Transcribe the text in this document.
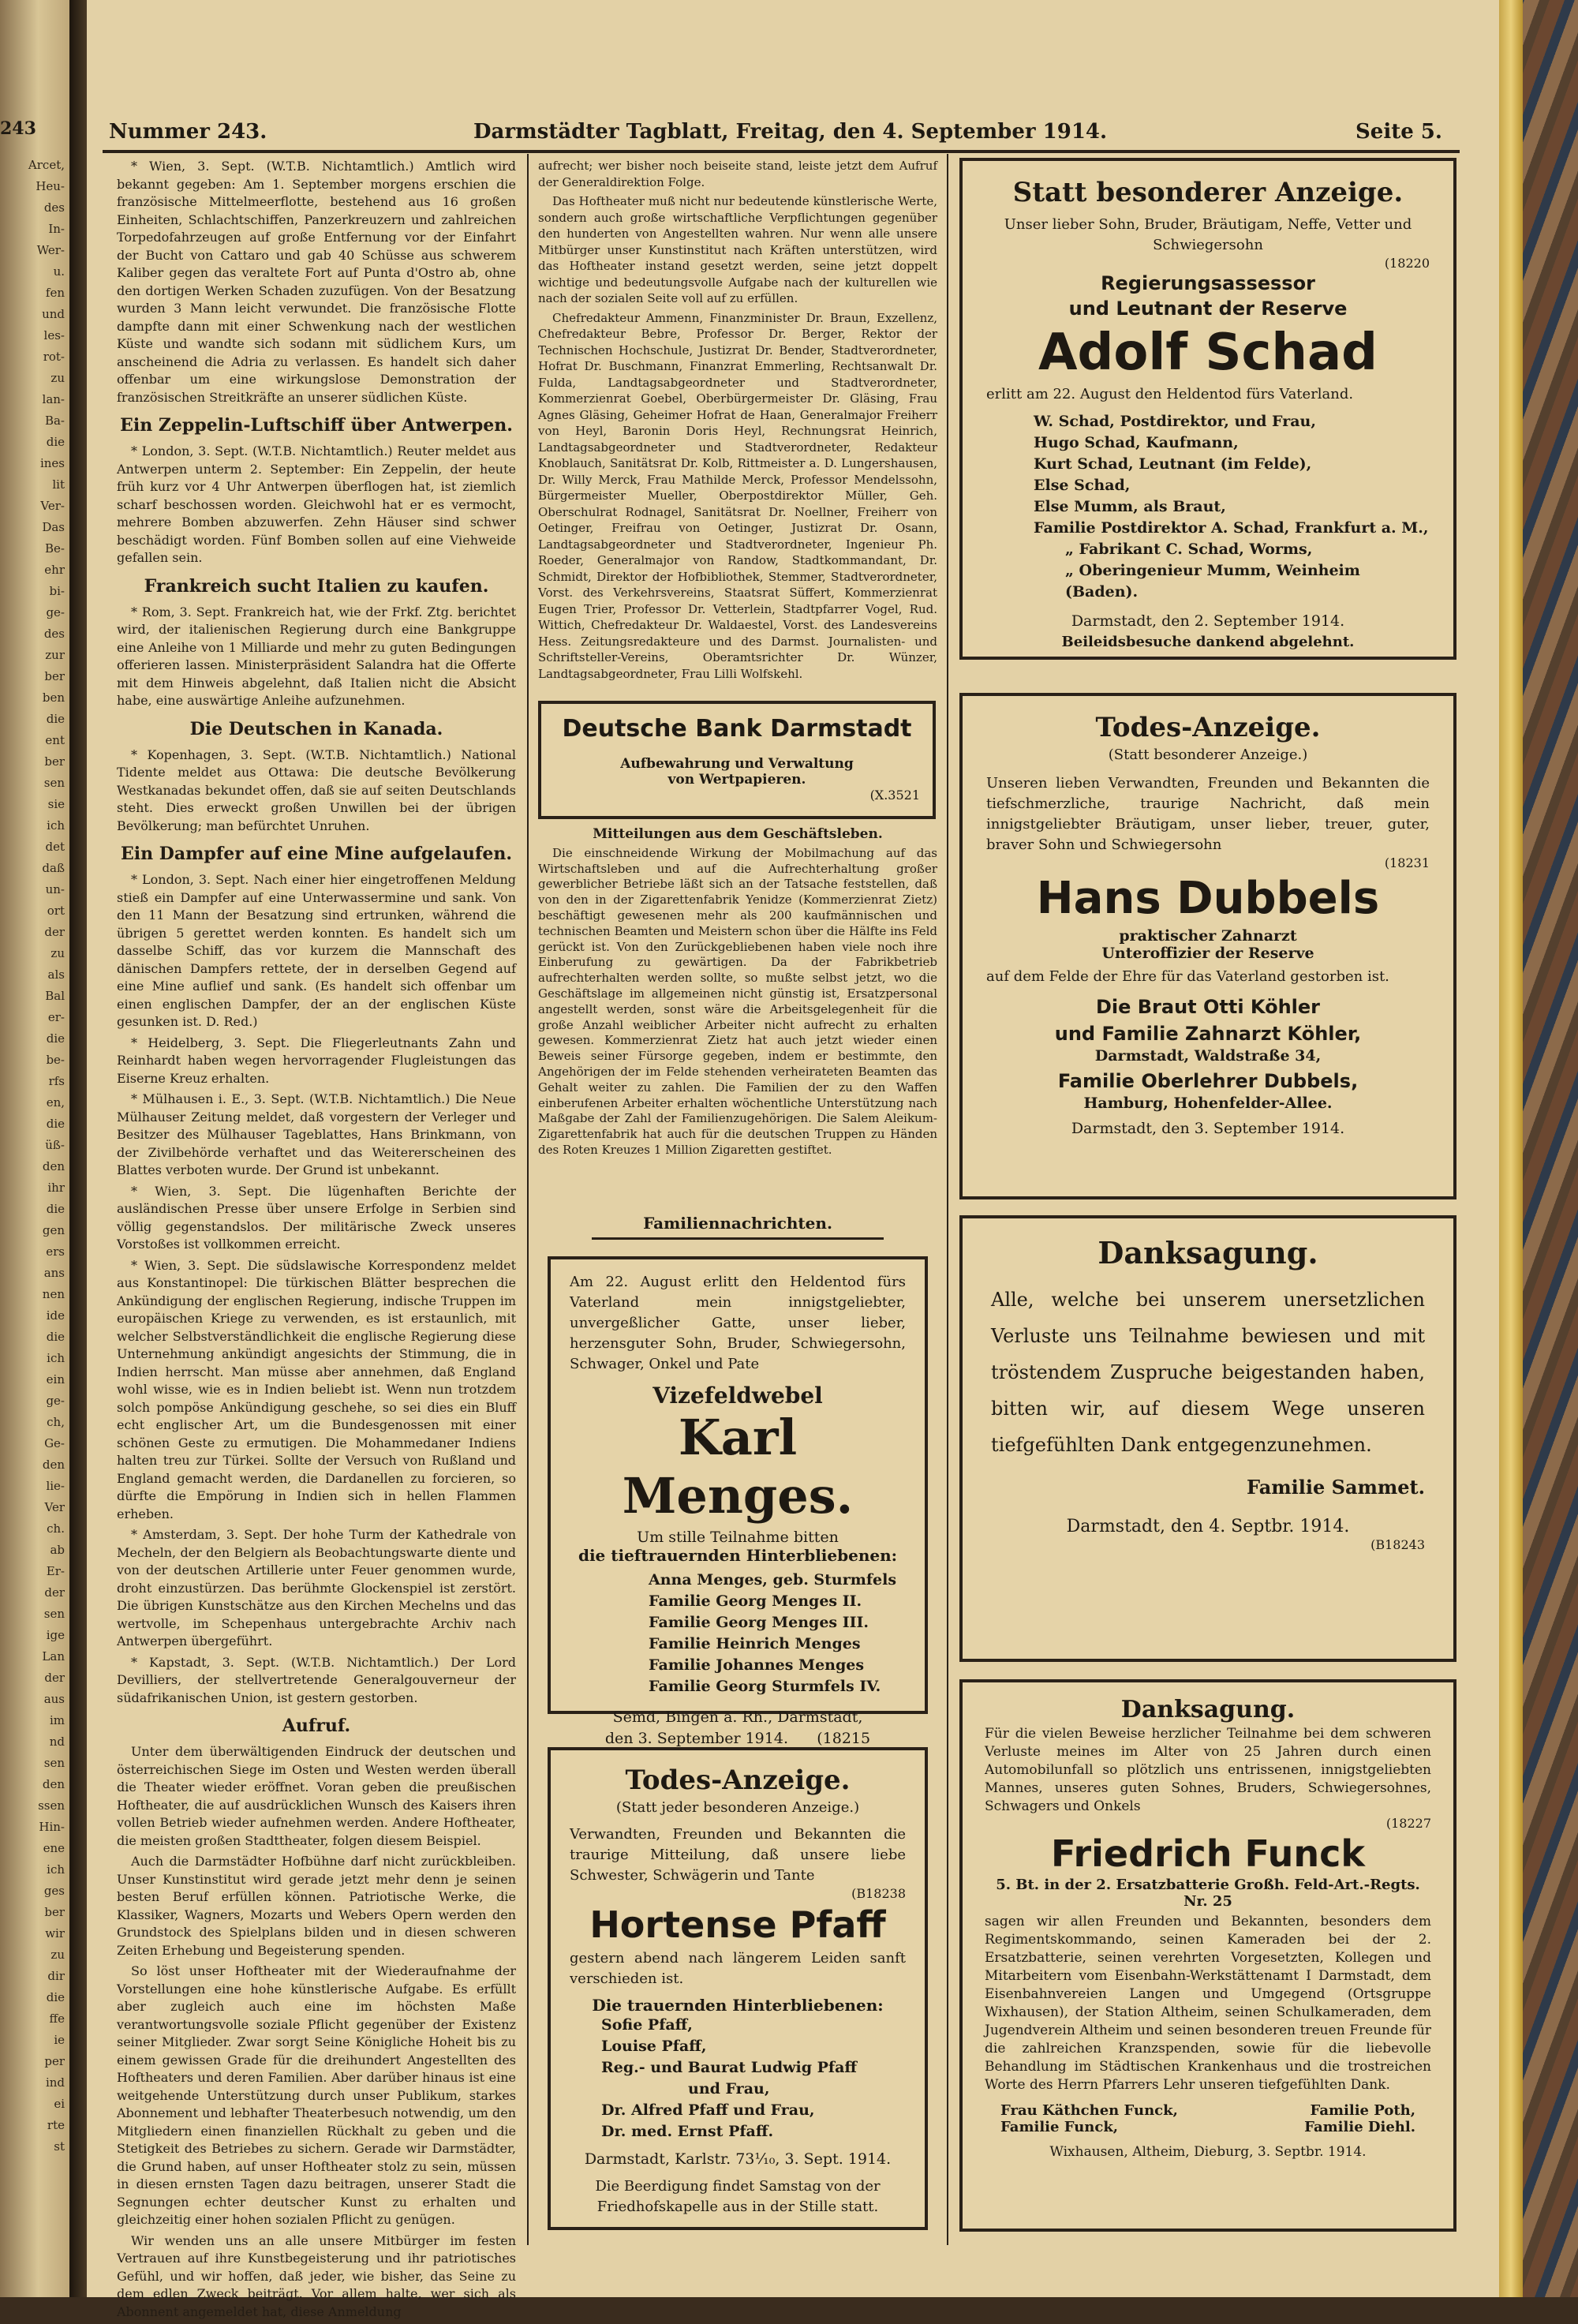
243
Arcet,
Heu-
des
In-
Wer-
u.
fen
und
les-
rot-
zu
lan-
Ba-
die
ines
lit
Ver-
Das
Be-
ehr
bi-
ge-
des
zur
ber
ben
die
ent
ber
sen
sie
ich
det
daß
un-
ort
der
zu
als
Bal
er-
die
be-
rfs
en,
die
üß-
den
ihr
die
gen
ers
ans
nen
ide
die
ich
ein
ge-
ch,
Ge-
den
lie-
Ver
ch.
ab
Er-
der
sen
ige
Lan
der
aus
im
nd
sen
den
ssen
Hin-
ene
ich
ges
ber
wir
zu
dir
die
ffe
ie
per
ind
ei
rte
st
Nummer 243.	Darmstädter Tagblatt, Freitag, den 4. September 1914.	Seite 5.

* Wien, 3. Sept. (W.T.B. Nichtamtlich.) Amtlich wird bekannt gegeben: Am 1. September morgens erschien die französische Mittelmeerflotte, bestehend aus 16 großen Einheiten, Schlachtschiffen, Panzerkreuzern und zahlreichen Torpedofahrzeugen auf große Entfernung vor der Einfahrt der Bucht von Cattaro und gab 40 Schüsse aus schwerem Kaliber gegen das veraltete Fort auf Punta d'Ostro ab, ohne den dortigen Werken Schaden zuzufügen. Von der Besatzung wurden 3 Mann leicht verwundet. Die französische Flotte dampfte dann mit einer Schwenkung nach der westlichen Küste und wandte sich sodann mit südlichem Kurs, um anscheinend die Adria zu verlassen. Es handelt sich daher offenbar um eine wirkungslose Demonstration der französischen Streitkräfte an unserer südlichen Küste.

Ein Zeppelin-Luftschiff über Antwerpen.

* London, 3. Sept. (W.T.B. Nichtamtlich.) Reuter meldet aus Antwerpen unterm 2. September: Ein Zeppelin, der heute früh kurz vor 4 Uhr Antwerpen überflogen hat, ist ziemlich scharf beschossen worden. Gleichwohl hat er es vermocht, mehrere Bomben abzuwerfen. Zehn Häuser sind schwer beschädigt worden. Fünf Bomben sollen auf eine Viehweide gefallen sein.

Frankreich sucht Italien zu kaufen.

* Rom, 3. Sept. Frankreich hat, wie der Frkf. Ztg. berichtet wird, der italienischen Regierung durch eine Bankgruppe eine Anleihe von 1 Milliarde und mehr zu guten Bedingungen offerieren lassen. Ministerpräsident Salandra hat die Offerte mit dem Hinweis abgelehnt, daß Italien nicht die Absicht habe, eine auswärtige Anleihe aufzunehmen.

Die Deutschen in Kanada.

* Kopenhagen, 3. Sept. (W.T.B. Nichtamtlich.) National Tidente meldet aus Ottawa: Die deutsche Bevölkerung Westkanadas bekundet offen, daß sie auf seiten Deutschlands steht. Dies erweckt großen Unwillen bei der übrigen Bevölkerung; man befürchtet Unruhen.

Ein Dampfer auf eine Mine aufgelaufen.

* London, 3. Sept. Nach einer hier eingetroffenen Meldung stieß ein Dampfer auf eine Unterwassermine und sank. Von den 11 Mann der Besatzung sind ertrunken, während die übrigen 5 gerettet werden konnten. Es handelt sich um dasselbe Schiff, das vor kurzem die Mannschaft des dänischen Dampfers rettete, der in derselben Gegend auf eine Mine auflief und sank. (Es handelt sich offenbar um einen englischen Dampfer, der an der englischen Küste gesunken ist. D. Red.)

* Heidelberg, 3. Sept. Die Fliegerleutnants Zahn und Reinhardt haben wegen hervorragender Flugleistungen das Eiserne Kreuz erhalten.

* Mülhausen i. E., 3. Sept. (W.T.B. Nichtamtlich.) Die Neue Mülhauser Zeitung meldet, daß vorgestern der Verleger und Besitzer des Mülhauser Tageblattes, Hans Brinkmann, von der Zivilbehörde verhaftet und das Weitererscheinen des Blattes verboten wurde. Der Grund ist unbekannt.

* Wien, 3. Sept. Die lügenhaften Berichte der ausländischen Presse über unsere Erfolge in Serbien sind völlig gegenstandslos. Der militärische Zweck unseres Vorstoßes ist vollkommen erreicht.

* Wien, 3. Sept. Die südslawische Korrespondenz meldet aus Konstantinopel: Die türkischen Blätter besprechen die Ankündigung der englischen Regierung, indische Truppen im europäischen Kriege zu verwenden, es ist erstaunlich, mit welcher Selbstverständlichkeit die englische Regierung diese Unternehmung ankündigt angesichts der Stimmung, die in Indien herrscht. Man müsse aber annehmen, daß England wohl wisse, wie es in Indien beliebt ist. Wenn nun trotzdem solch pompöse Ankündigung geschehe, so sei dies ein Bluff echt englischer Art, um die Bundesgenossen mit einer schönen Geste zu ermutigen. Die Mohammedaner Indiens halten treu zur Türkei. Sollte der Versuch von Rußland und England gemacht werden, die Dardanellen zu forcieren, so dürfte die Empörung in Indien sich in hellen Flammen erheben.

* Amsterdam, 3. Sept. Der hohe Turm der Kathedrale von Mecheln, der den Belgiern als Beobachtungswarte diente und von der deutschen Artillerie unter Feuer genommen wurde, droht einzustürzen. Das berühmte Glockenspiel ist zerstört. Die übrigen Kunstschätze aus den Kirchen Mechelns und das wertvolle, im Schepenhaus untergebrachte Archiv nach Antwerpen übergeführt.

* Kapstadt, 3. Sept. (W.T.B. Nichtamtlich.) Der Lord Devilliers, der stellvertretende Generalgouverneur der südafrikanischen Union, ist gestern gestorben.

Aufruf.

Unter dem überwältigenden Eindruck der deutschen und österreichischen Siege im Osten und Westen werden überall die Theater wieder eröffnet. Voran geben die preußischen Hoftheater, die auf ausdrücklichen Wunsch des Kaisers ihren vollen Betrieb wieder aufnehmen werden. Andere Hoftheater, die meisten großen Stadttheater, folgen diesem Beispiel.

Auch die Darmstädter Hofbühne darf nicht zurückbleiben. Unser Kunstinstitut wird gerade jetzt mehr denn je seinen besten Beruf erfüllen können. Patriotische Werke, die Klassiker, Wagners, Mozarts und Webers Opern werden den Grundstock des Spielplans bilden und in diesen schweren Zeiten Erhebung und Begeisterung spenden.

So löst unser Hoftheater mit der Wiederaufnahme der Vorstellungen eine hohe künstlerische Aufgabe. Es erfüllt aber zugleich auch eine im höchsten Maße verantwortungsvolle soziale Pflicht gegenüber der Existenz seiner Mitglieder. Zwar sorgt Seine Königliche Hoheit bis zu einem gewissen Grade für die dreihundert Angestellten des Hoftheaters und deren Familien. Aber darüber hinaus ist eine weitgehende Unterstützung durch unser Publikum, starkes Abonnement und lebhafter Theaterbesuch notwendig, um den Mitgliedern einen finanziellen Rückhalt zu geben und die Stetigkeit des Betriebes zu sichern. Gerade wir Darmstädter, die Grund haben, auf unser Hoftheater stolz zu sein, müssen in diesen ernsten Tagen dazu beitragen, unserer Stadt die Segnungen echter deutscher Kunst zu erhalten und gleichzeitig einer hohen sozialen Pflicht zu genügen.

Wir wenden uns an alle unsere Mitbürger im festen Vertrauen auf ihre Kunstbegeisterung und ihr patriotisches Gefühl, und wir hoffen, daß jeder, wie bisher, das Seine zu dem edlen Zweck beiträgt. Vor allem halte, wer sich als Abonnent angemeldet hat, diese Anmeldung

aufrecht; wer bisher noch beiseite stand, leiste jetzt dem Aufruf der Generaldirektion Folge.

Das Hoftheater muß nicht nur bedeutende künstlerische Werte, sondern auch große wirtschaftliche Verpflichtungen gegenüber den hunderten von Angestellten wahren. Nur wenn alle unsere Mitbürger unser Kunstinstitut nach Kräften unterstützen, wird das Hoftheater instand gesetzt werden, seine jetzt doppelt wichtige und bedeutungsvolle Aufgabe nach der kulturellen wie nach der sozialen Seite voll auf zu erfüllen.

Chefredakteur Ammenn, Finanzminister Dr. Braun, Exzellenz, Chefredakteur Bebre, Professor Dr. Berger, Rektor der Technischen Hochschule, Justizrat Dr. Bender, Stadtverordneter, Hofrat Dr. Buschmann, Finanzrat Emmerling, Rechtsanwalt Dr. Fulda, Landtagsabgeordneter und Stadtverordneter, Kommerzienrat Goebel, Oberbürgermeister Dr. Gläsing, Frau Agnes Gläsing, Geheimer Hofrat de Haan, Generalmajor Freiherr von Heyl, Baronin Doris Heyl, Rechnungsrat Heinrich, Landtagsabgeordneter und Stadtverordneter, Redakteur Knoblauch, Sanitätsrat Dr. Kolb, Rittmeister a. D. Lungershausen, Dr. Willy Merck, Frau Mathilde Merck, Professor Mendelssohn, Bürgermeister Mueller, Oberpostdirektor Müller, Geh. Oberschulrat Rodnagel, Sanitätsrat Dr. Noellner, Freiherr von Oetinger, Freifrau von Oetinger, Justizrat Dr. Osann, Landtagsabgeordneter und Stadtverordneter, Ingenieur Ph. Roeder, Generalmajor von Randow, Stadtkommandant, Dr. Schmidt, Direktor der Hofbibliothek, Stemmer, Stadtverordneter, Vorst. des Verkehrsvereins, Staatsrat Süffert, Kommerzienrat Eugen Trier, Professor Dr. Vetterlein, Stadtpfarrer Vogel, Rud. Wittich, Chefredakteur Dr. Waldaestel, Vorst. des Landesvereins Hess. Zeitungsredakteure und des Darmst. Journalisten- und Schriftsteller-Vereins, Oberamtsrichter Dr. Wünzer, Landtagsabgeordneter, Frau Lilli Wolfskehl.

Deutsche Bank Darmstadt
Aufbewahrung und Verwaltung
von Wertpapieren.
(X.3521
Mitteilungen aus dem Geschäftsleben.

Die einschneidende Wirkung der Mobilmachung auf das Wirtschaftsleben und auf die Aufrechterhaltung großer gewerblicher Betriebe läßt sich an der Tatsache feststellen, daß von den in der Zigarettenfabrik Yenidze (Kommerzienrat Zietz) beschäftigt gewesenen mehr als 200 kaufmännischen und technischen Beamten und Meistern schon über die Hälfte ins Feld gerückt ist. Von den Zurückgebliebenen haben viele noch ihre Einberufung zu gewärtigen. Da der Fabrikbetrieb aufrechterhalten werden sollte, so mußte selbst jetzt, wo die Geschäftslage im allgemeinen nicht günstig ist, Ersatzpersonal angestellt werden, sonst wäre die Arbeitsgelegenheit für die große Anzahl weiblicher Arbeiter nicht aufrecht zu erhalten gewesen. Kommerzienrat Zietz hat auch jetzt wieder einen Beweis seiner Fürsorge gegeben, indem er bestimmte, den Angehörigen der im Felde stehenden verheirateten Beamten das Gehalt weiter zu zahlen. Die Familien der zu den Waffen einberufenen Arbeiter erhalten wöchentliche Unterstützung nach Maßgabe der Zahl der Familienzugehörigen. Die Salem Aleikum-Zigarettenfabrik hat auch für die deutschen Truppen zu Händen des Roten Kreuzes 1 Million Zigaretten gestiftet.

Familiennachrichten.
Am 22. August erlitt den Heldentod fürs Vaterland mein innigstgeliebter, unvergeßlicher Gatte, unser lieber, herzensguter Sohn, Bruder, Schwiegersohn, Schwager, Onkel und Pate
Vizefeldwebel
Karl Menges.
Um stille Teilnahme bitten
die tieftrauernden Hinterbliebenen:
Anna Menges, geb. Sturmfels
Familie Georg Menges II.
Familie Georg Menges III.
Familie Heinrich Menges
Familie Johannes Menges
Familie Georg Sturmfels IV.
Semd, Bingen a. Rh., Darmstadt,
den 3. September 1914. (18215
Todes-Anzeige.
(Statt jeder besonderen Anzeige.)
Verwandten, Freunden und Bekannten die traurige Mitteilung, daß unsere liebe Schwester, Schwägerin und Tante
(B18238
Hortense Pfaff
gestern abend nach längerem Leiden sanft verschieden ist.
Die trauernden Hinterbliebenen:
Sofie Pfaff,
Louise Pfaff,
Reg.- und Baurat Ludwig Pfaff
und Frau,
Dr. Alfred Pfaff und Frau,
Dr. med. Ernst Pfaff.
Darmstadt, Karlstr. 73¹⁄₁₀, 3. Sept. 1914.
Die Beerdigung findet Samstag von der Friedhofskapelle aus in der Stille statt.
Statt besonderer Anzeige.
Unser lieber Sohn, Bruder, Bräutigam, Neffe, Vetter und Schwiegersohn
(18220
Regierungsassessor
und Leutnant der Reserve
Adolf Schad
erlitt am 22. August den Heldentod fürs Vaterland.
W. Schad, Postdirektor, und Frau,
Hugo Schad, Kaufmann,
Kurt Schad, Leutnant (im Felde),
Else Schad,
Else Mumm, als Braut,
Familie Postdirektor A. Schad, Frankfurt a. M.,
„ Fabrikant C. Schad, Worms,
„ Oberingenieur Mumm, Weinheim (Baden).
Darmstadt, den 2. September 1914.
Beileidsbesuche dankend abgelehnt.
Todes-Anzeige.
(Statt besonderer Anzeige.)
Unseren lieben Verwandten, Freunden und Bekannten die tiefschmerzliche, traurige Nachricht, daß mein innigstgeliebter Bräutigam, unser lieber, treuer, guter, braver Sohn und Schwiegersohn
(18231
Hans Dubbels
praktischer Zahnarzt
Unteroffizier der Reserve
auf dem Felde der Ehre für das Vaterland gestorben ist.
Die Braut Otti Köhler
und Familie Zahnarzt Köhler,
Darmstadt, Waldstraße 34,
Familie Oberlehrer Dubbels,
Hamburg, Hohenfelder-Allee.
Darmstadt, den 3. September 1914.
Danksagung.
Alle, welche bei unserem unersetzlichen Verluste uns Teilnahme bewiesen und mit tröstendem Zuspruche beigestanden haben, bitten wir, auf diesem Wege unseren tiefgefühlten Dank entgegenzunehmen.
Familie Sammet.
Darmstadt, den 4. Septbr. 1914.
(B18243
Danksagung.
Für die vielen Beweise herzlicher Teilnahme bei dem schweren Verluste meines im Alter von 25 Jahren durch einen Automobilunfall so plötzlich uns entrissenen, innigstgeliebten Mannes, unseres guten Sohnes, Bruders, Schwiegersohnes, Schwagers und Onkels
(18227
Friedrich Funck
5. Bt. in der 2. Ersatzbatterie Großh. Feld-Art.-Regts. Nr. 25
sagen wir allen Freunden und Bekannten, besonders dem Regimentskommando, seinen Kameraden bei der 2. Ersatzbatterie, seinen verehrten Vorgesetzten, Kollegen und Mitarbeitern vom Eisenbahn-Werkstättenamt I Darmstadt, dem Eisenbahnvereien Langen und Umgegend (Ortsgruppe Wixhausen), der Station Altheim, seinen Schulkameraden, dem Jugendverein Altheim und seinen besonderen treuen Freunde für die zahlreichen Kranzspenden, sowie für die liebevolle Behandlung im Städtischen Krankenhaus und die trostreichen Worte des Herrn Pfarrers Lehr unseren tiefgefühlten Dank.
Frau Käthchen Funck,	Familie Poth,
Familie Funck,	Familie Diehl.
Wixhausen, Altheim, Dieburg, 3. Septbr. 1914.
